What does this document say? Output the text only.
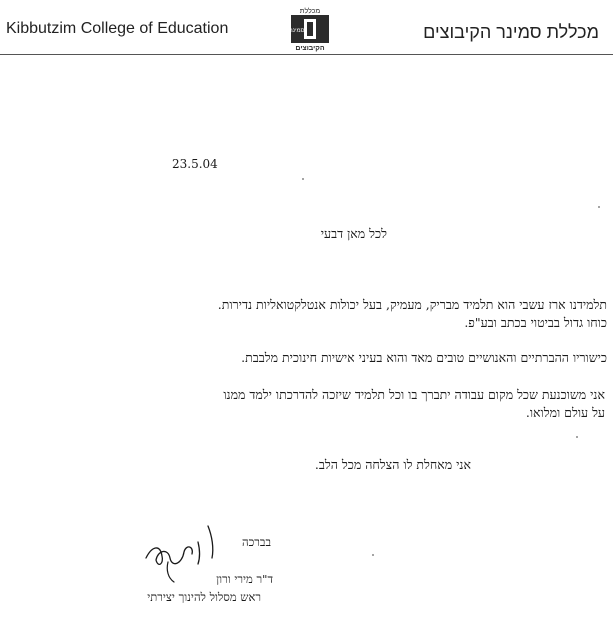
Kibbutzim College of Education
מכללת
סמינר
הקיבוצים
מכללת סמינר הקיבוצים
23.5.04
לכל מאן דבעי
תלמידנו ארז עשבי הוא תלמיד מבריק, מעמיק, בעל יכולות אנטלקטואליות נדירות.
כוחו גדול בביטוי בכתב ובע"פ.
כישוריו ההברתיים והאנושיים טובים מאד והוא בעיני אישיות חינוכית מלבבת.
אני משוכנעת שכל מקום עבודה יתברך בו וכל תלמיד שיזכה להדרכתו ילמד ממנו
על עולם ומלואו.
אני מאחלת לו הצלחה מכל הלב.
בברכה
ד"ר מירי ורון
ראש מסלול להינוך יצירתי
